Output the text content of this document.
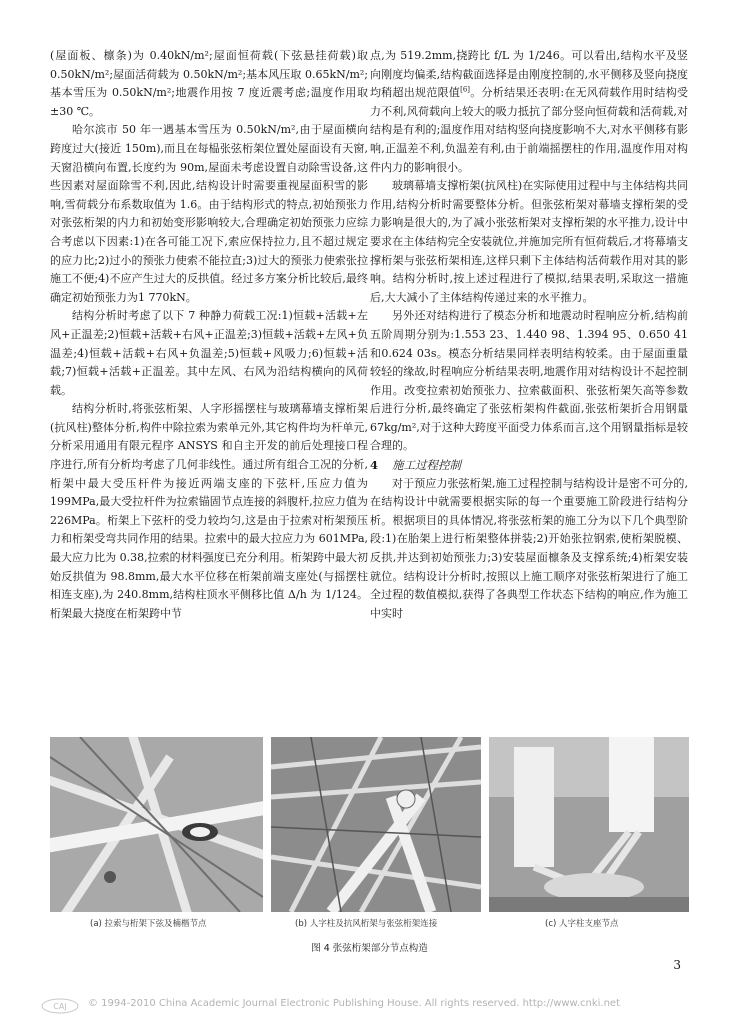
(屋面板、檩条)为 0.40kN/m²;屋面恒荷载(下弦悬挂荷载)取 0.50kN/m²;屋面活荷载为 0.50kN/m²;基本风压取 0.65kN/m²;基本雪压为 0.50kN/m²;地震作用按 7 度近震考虑;温度作用取 ±30 ℃。

哈尔滨市 50 年一遇基本雪压为 0.50kN/m²,由于屋面横向跨度过大(接近 150m),而且在每榀张弦桁架位置处屋面设有天窗,天窗沿横向布置,长度约为 90m,屋面未考虑设置自动除雪设备,这些因素对屋面除雪不利,因此,结构设计时需要重视屋面积雪的影响,雪荷载分布系数取值为 1.6。由于结构形式的特点,初始预张力对张弦桁架的内力和初始变形影响较大,合理确定初始预张力应综合考虑以下因素:1)在各可能工况下,索应保持拉力,且不超过规定的应力比;2)过小的预张力使索不能拉直;3)过大的预张力使索张拉施工不便;4)不应产生过大的反拱值。经过多方案分析比较后,最终确定初始预张力为1 770kN。

结构分析时考虑了以下 7 种静力荷载工况:1)恒载+活载+左风+正温差;2)恒载+活载+右风+正温差;3)恒载+活载+左风+负温差;4)恒载+活载+右风+负温差;5)恒载+风吸力;6)恒载+活载;7)恒载+活载+正温差。其中左风、右风为沿结构横向的风荷载。

结构分析时,将张弦桁架、人字形摇摆柱与玻璃幕墙支撑桁架(抗风柱)整体分析,构件中除拉索为索单元外,其它构件均为杆单元,分析采用通用有限元程序 ANSYS 和自主开发的前后处理接口程序进行,所有分析均考虑了几何非线性。通过所有组合工况的分析,桁架中最大受压杆件为接近两端支座的下弦杆,压应力值为 199MPa,最大受拉杆件为拉索锚固节点连接的斜腹杆,拉应力值为 226MPa。桁架上下弦杆的受力较均匀,这是由于拉索对桁架预压力和桁架受弯共同作用的结果。拉索中的最大拉应力为 601MPa,最大应力比为 0.38,拉索的材料强度已充分利用。桁架跨中最大初始反拱值为 98.8mm,最大水平位移在桁架前端支座处(与摇摆柱相连支座),为 240.8mm,结构柱顶水平侧移比值 Δ/h 为 1/124。桁架最大挠度在桁架跨中节

点,为 519.2mm,挠跨比 f/L 为 1/246。可以看出,结构水平及竖向刚度均偏柔,结构截面选择是由刚度控制的,水平侧移及竖向挠度均稍超出规范限值[6]。分析结果还表明:在无风荷载作用时结构受力不利,风荷载向上较大的吸力抵抗了部分竖向恒荷载和活荷载,对结构是有利的;温度作用对结构竖向挠度影响不大,对水平侧移有影响,正温差不利,负温差有利,由于前端摇摆柱的作用,温度作用对构件内力的影响很小。

玻璃幕墙支撑桁架(抗风柱)在实际使用过程中与主体结构共同作用,结构分析时需要整体分析。但张弦桁架对幕墙支撑桁架的受力影响是很大的,为了减小张弦桁架对支撑桁架的水平推力,设计中要求在主体结构完全安装就位,并施加完所有恒荷载后,才将幕墙支撑桁架与张弦桁架相连,这样只剩下主体结构活荷载作用对其的影响。结构分析时,按上述过程进行了模拟,结果表明,采取这一措施后,大大减小了主体结构传递过来的水平推力。

另外还对结构进行了模态分析和地震动时程响应分析,结构前五阶周期分别为:1.553 23、1.440 98、1.394 95、0.650 41和0.624 03s。模态分析结果同样表明结构较柔。由于屋面重量较轻的缘故,时程响应分析结果表明,地震作用对结构设计不起控制作用。改变拉索初始预张力、拉索截面积、张弦桁架矢高等参数后进行分析,最终确定了张弦桁架构件截面,张弦桁架折合用钢量 67kg/m²,对于这种大跨度平面受力体系而言,这个用钢量指标是较合理的。

4 施工过程控制

对于预应力张弦桁架,施工过程控制与结构设计是密不可分的,在结构设计中就需要根据实际的每一个重要施工阶段进行结构分析。根据项目的具体情况,将张弦桁架的施工分为以下几个典型阶段:1)在胎架上进行桁架整体拼装;2)开始张拉钢索,使桁架脱模、反拱,并达到初始预张力;3)安装屋面檩条及支撑系统;4)桁架安装就位。结构设计分析时,按照以上施工顺序对张弦桁架进行了施工全过程的数值模拟,获得了各典型工作状态下结构的响应,作为施工中实时

(a) 拉索与桁架下弦及楠楷节点	(b) 人字柱及抗风桁架与张弦桁架连接	(c) 人字柱支座节点
图 4 张弦桁架部分节点构造
3
CAJ © 1994-2010 China Academic Journal Electronic Publishing House. All rights reserved. http://www.cnki.net
